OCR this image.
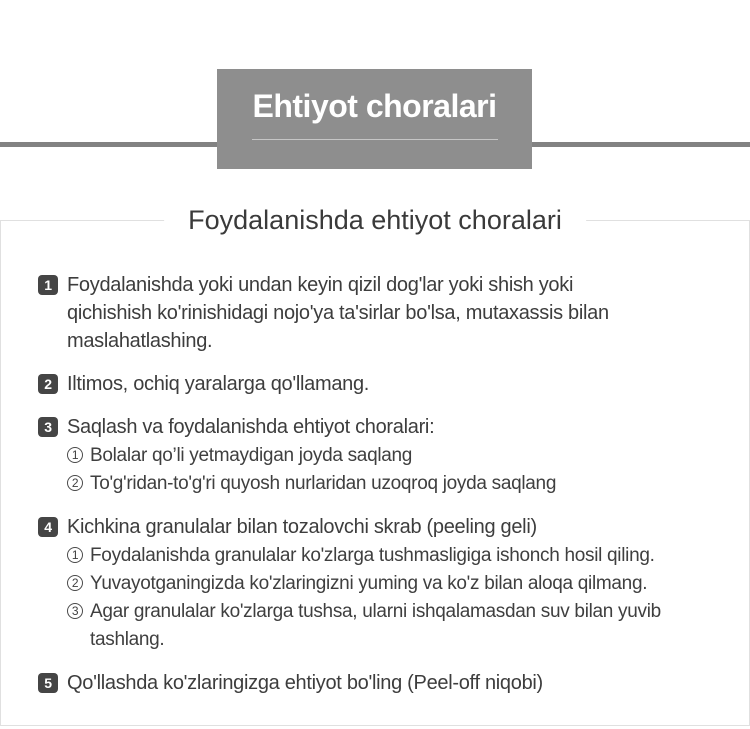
Ehtiyot choralari
Foydalanishda ehtiyot choralari
1 Foydalanishda yoki undan keyin qizil dog'lar yoki shish yoki
qichishish ko'rinishidagi nojo'ya ta'sirlar bo'lsa, mutaxassis bilan
maslahatlashing.
2 Iltimos, ochiq yaralarga qo'llamang.
3 Saqlash va foydalanishda ehtiyot choralari:
1 Bolalar qo’li yetmaydigan joyda saqlang
2 To'g'ridan-to'g'ri quyosh nurlaridan uzoqroq joyda saqlang
4 Kichkina granulalar bilan tozalovchi skrab (peeling geli)
1 Foydalanishda granulalar ko'zlarga tushmasligiga ishonch hosil qiling.
2 Yuvayotganingizda ko'zlaringizni yuming va ko'z bilan aloqa qilmang.
3 Agar granulalar ko'zlarga tushsa, ularni ishqalamasdan suv bilan yuvib
tashlang.
5 Qo'llashda ko'zlaringizga ehtiyot bo'ling (Peel-off niqobi)
